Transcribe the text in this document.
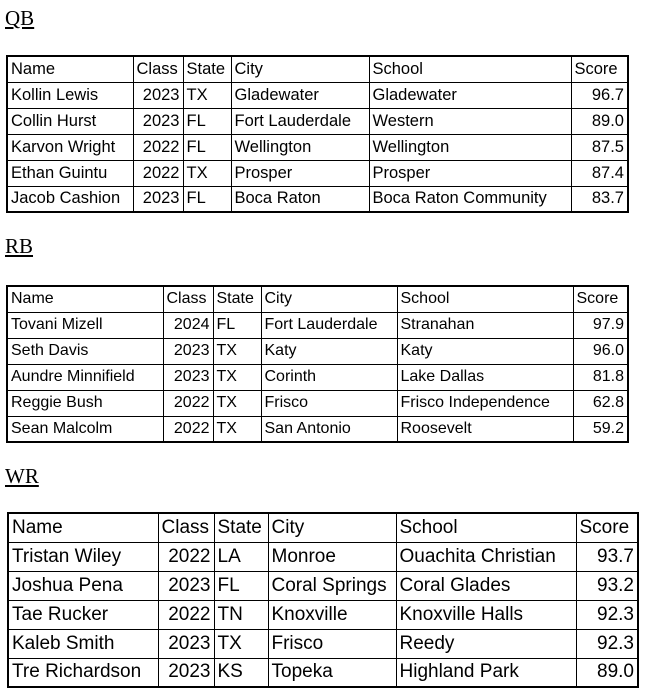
QB
Name	Class	State	City	School	Score
Kollin Lewis	2023	TX	Gladewater	Gladewater	96.7
Collin Hurst	2023	FL	Fort Lauderdale	Western	89.0
Karvon Wright	2022	FL	Wellington	Wellington	87.5
Ethan Guintu	2022	TX	Prosper	Prosper	87.4
Jacob Cashion	2023	FL	Boca Raton	Boca Raton Community	83.7
RB
Name	Class	State	City	School	Score
Tovani Mizell	2024	FL	Fort Lauderdale	Stranahan	97.9
Seth Davis	2023	TX	Katy	Katy	96.0
Aundre Minnifield	2023	TX	Corinth	Lake Dallas	81.8
Reggie Bush	2022	TX	Frisco	Frisco Independence	62.8
Sean Malcolm	2022	TX	San Antonio	Roosevelt	59.2
WR
Name	Class	State	City	School	Score
Tristan Wiley	2022	LA	Monroe	Ouachita Christian	93.7
Joshua Pena	2023	FL	Coral Springs	Coral Glades	93.2
Tae Rucker	2022	TN	Knoxville	Knoxville Halls	92.3
Kaleb Smith	2023	TX	Frisco	Reedy	92.3
Tre Richardson	2023	KS	Topeka	Highland Park	89.0
